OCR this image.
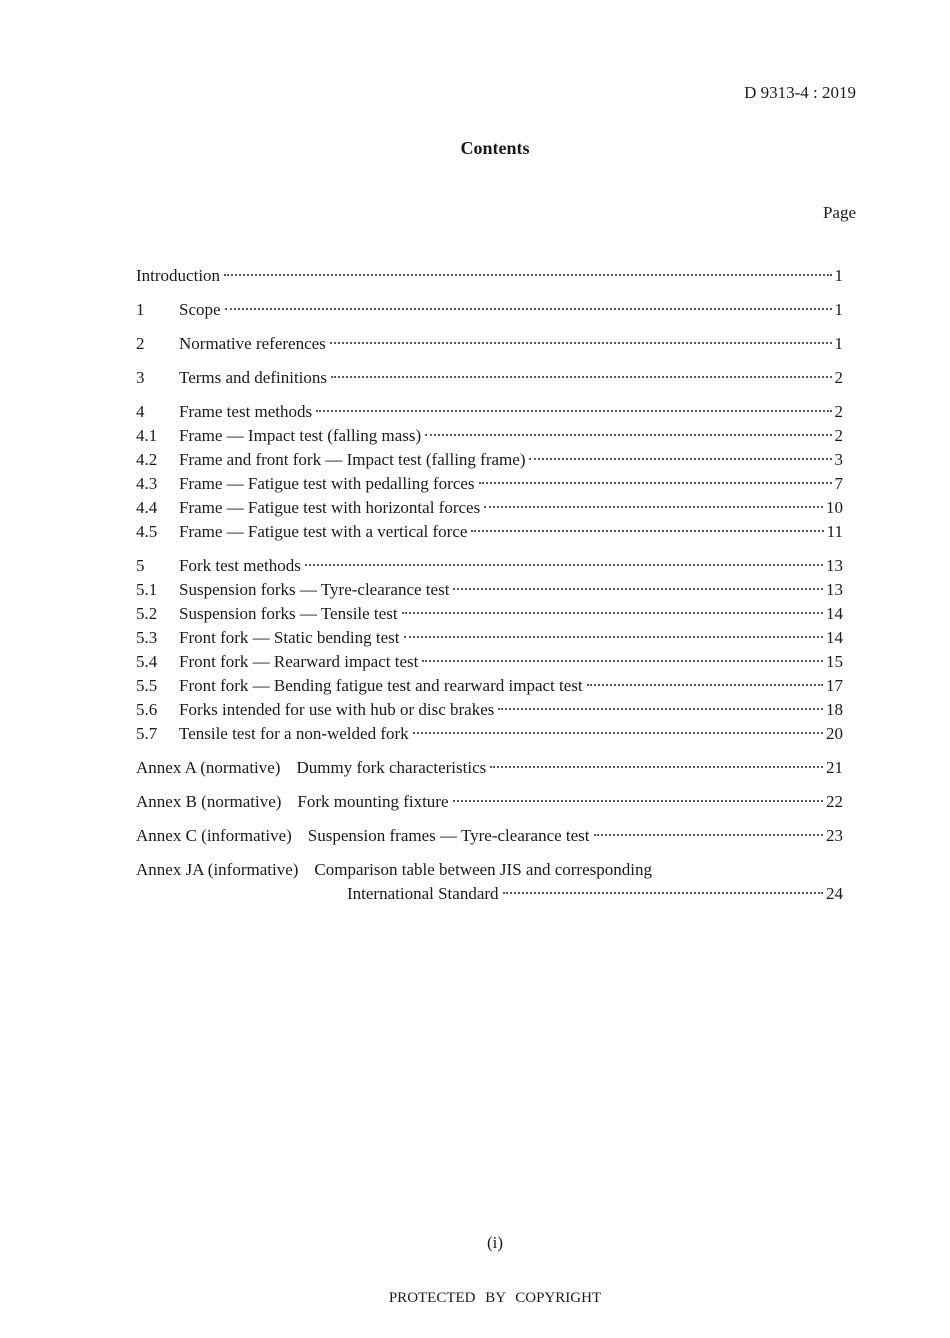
D 9313-4 : 2019
Contents
Page
Introduction	1
1	Scope	1
2	Normative references	1
3	Terms and definitions	2
4	Frame test methods	2
4.1	Frame — Impact test (falling mass)	2
4.2	Frame and front fork — Impact test (falling frame)	3
4.3	Frame — Fatigue test with pedalling forces	7
4.4	Frame — Fatigue test with horizontal forces	10
4.5	Frame — Fatigue test with a vertical force	11
5	Fork test methods	13
5.1	Suspension forks — Tyre-clearance test	13
5.2	Suspension forks — Tensile test	14
5.3	Front fork — Static bending test	14
5.4	Front fork — Rearward impact test	15
5.5	Front fork — Bending fatigue test and rearward impact test	17
5.6	Forks intended for use with hub or disc brakes	18
5.7	Tensile test for a non-welded fork	20
Annex A (normative) Dummy fork characteristics	21
Annex B (normative) Fork mounting fixture	22
Annex C (informative) Suspension frames — Tyre-clearance test	23
Annex JA (informative) Comparison table between JIS and corresponding
International Standard	24
(i)
PROTECTED BY COPYRIGHT
